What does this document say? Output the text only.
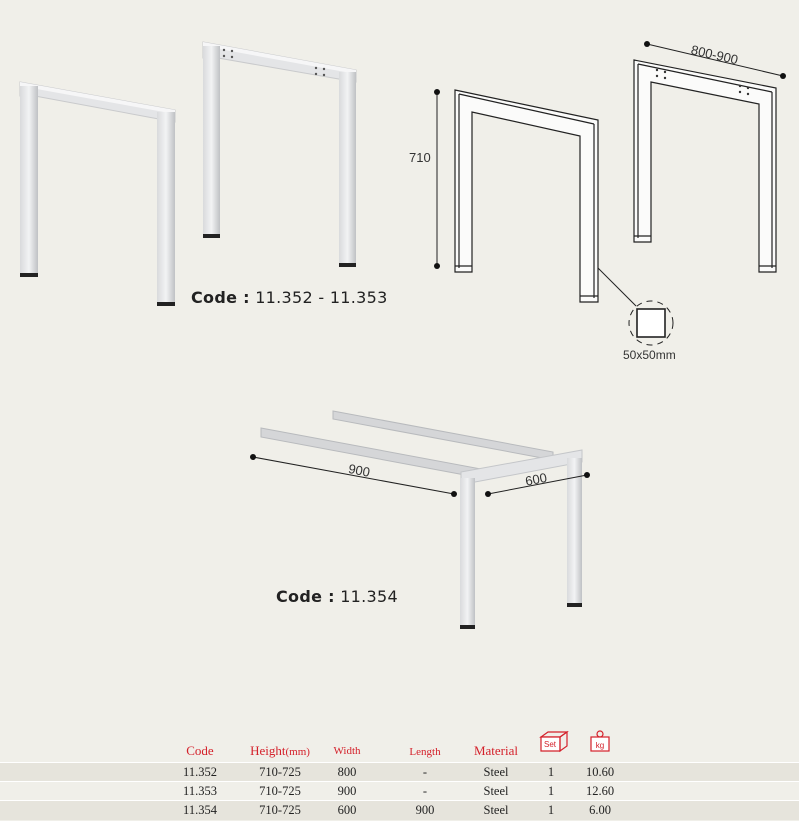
Code : 11.352 - 11.353
Code : 11.354
710
800-900
50x50mm
900	600
Code	Height(mm)	Width	Length	Material	Set	kg
11.352	710-725	800	-	Steel	1	10.60
11.353	710-725	900	-	Steel	1	12.60
11.354	710-725	600	900	Steel	1	6.00
